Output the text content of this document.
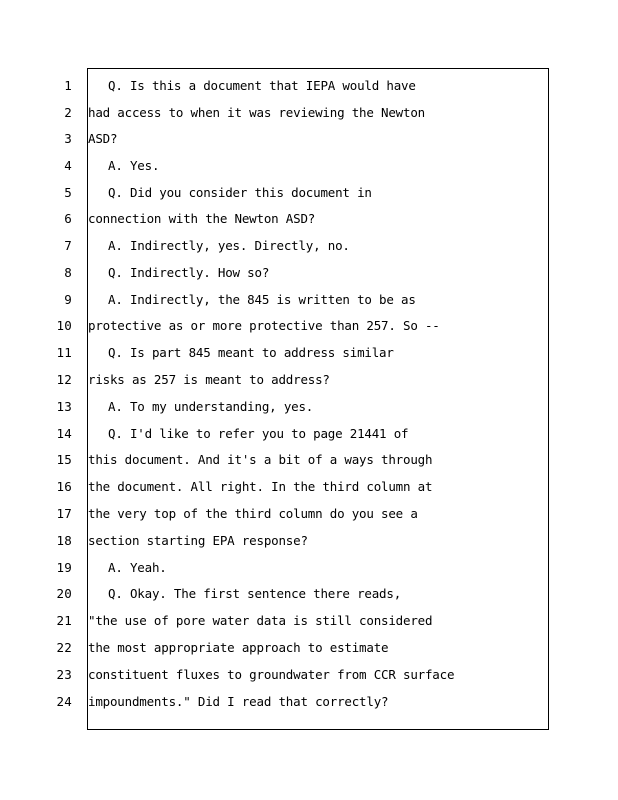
1	Q. Is this a document that IEPA would have
2 had access to when it was reviewing the Newton
3 ASD?
4	A. Yes.
5	Q. Did you consider this document in
6 connection with the Newton ASD?
7	A. Indirectly, yes. Directly, no.
8	Q. Indirectly. How so?
9	A. Indirectly, the 845 is written to be as
10 protective as or more protective than 257. So --
11	Q. Is part 845 meant to address similar
12 risks as 257 is meant to address?
13	A. To my understanding, yes.
14	Q. I'd like to refer you to page 21441 of
15 this document. And it's a bit of a ways through
16 the document. All right. In the third column at
17 the very top of the third column do you see a
18 section starting EPA response?
19	A. Yeah.
20	Q. Okay. The first sentence there reads,
21 "the use of pore water data is still considered
22 the most appropriate approach to estimate
23 constituent fluxes to groundwater from CCR surface
24 impoundments." Did I read that correctly?
